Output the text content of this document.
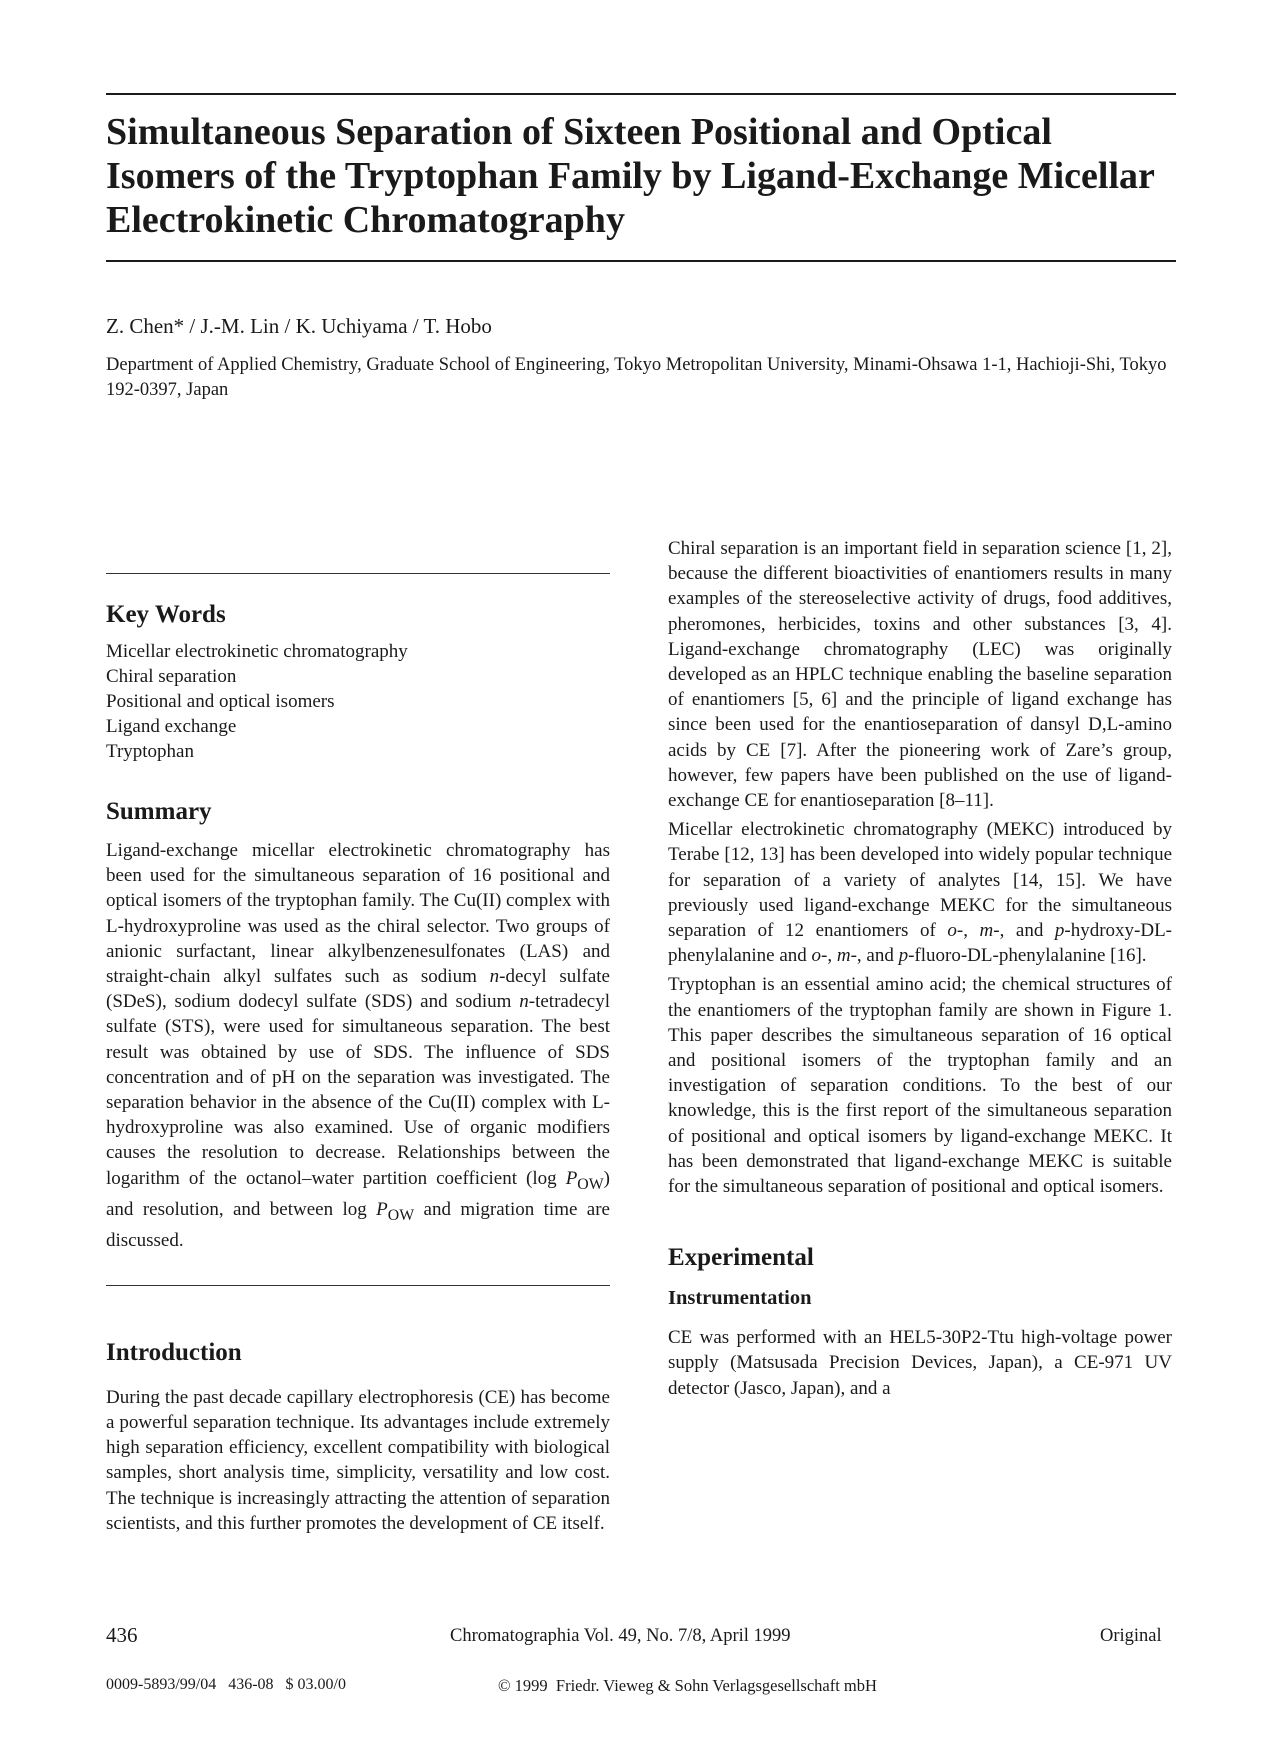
Simultaneous Separation of Sixteen Positional and Optical Isomers of the Tryptophan Family by Ligand-Exchange Micellar Electrokinetic Chromatography
Z. Chen* / J.-M. Lin / K. Uchiyama / T. Hobo
Department of Applied Chemistry, Graduate School of Engineering, Tokyo Metropolitan University, Minami-Ohsawa 1-1, Hachioji-Shi, Tokyo 192-0397, Japan
Key Words
Micellar electrokinetic chromatography
Chiral separation
Positional and optical isomers
Ligand exchange
Tryptophan
Summary

Ligand-exchange micellar electrokinetic chromatography has been used for the simultaneous separation of 16 positional and optical isomers of the tryptophan family. The Cu(II) complex with L-hydroxyproline was used as the chiral selector. Two groups of anionic surfactant, linear alkylbenzenesulfonates (LAS) and straight-chain alkyl sulfates such as sodium n-decyl sulfate (SDeS), sodium dodecyl sulfate (SDS) and sodium n-tetradecyl sulfate (STS), were used for simultaneous separation. The best result was obtained by use of SDS. The influence of SDS concentration and of pH on the separation was investigated. The separation behavior in the absence of the Cu(II) complex with L-hydroxyproline was also examined. Use of organic modifiers causes the resolution to decrease. Relationships between the logarithm of the octanol–water partition coefficient (log $P_{OW}$) and resolution, and between $\log P_{OW}$ and migration time are discussed.

Introduction

During the past decade capillary electrophoresis (CE) has become a powerful separation technique. Its advantages include extremely high separation efficiency, excellent compatibility with biological samples, short analysis time, simplicity, versatility and low cost. The technique is increasingly attracting the attention of separation scientists, and this further promotes the development of CE itself.

Chiral separation is an important field in separation science [1, 2], because the different bioactivities of enantiomers results in many examples of the stereoselective activity of drugs, food additives, pheromones, herbicides, toxins and other substances [3, 4]. Ligand-exchange chromatography (LEC) was originally developed as an HPLC technique enabling the baseline separation of enantiomers [5, 6] and the principle of ligand exchange has since been used for the enantioseparation of dansyl D,L-amino acids by CE [7]. After the pioneering work of Zare’s group, however, few papers have been published on the use of ligand-exchange CE for enantioseparation [8–11].

Micellar electrokinetic chromatography (MEKC) introduced by Terabe [12, 13] has been developed into widely popular technique for separation of a variety of analytes [14, 15]. We have previously used ligand-exchange MEKC for the simultaneous separation of 12 enantiomers of o-, m-, and p-hydroxy-DL-phenylalanine and o-, m-, and p-fluoro-DL-phenylalanine [16].

Tryptophan is an essential amino acid; the chemical structures of the enantiomers of the tryptophan family are shown in Figure 1. This paper describes the simultaneous separation of 16 optical and positional isomers of the tryptophan family and an investigation of separation conditions. To the best of our knowledge, this is the first report of the simultaneous separation of positional and optical isomers by ligand-exchange MEKC. It has been demonstrated that ligand-exchange MEKC is suitable for the simultaneous separation of positional and optical isomers.

Experimental
Instrumentation

CE was performed with an HEL5-30P2-Ttu high-voltage power supply (Matsusada Precision Devices, Japan), a CE-971 UV detector (Jasco, Japan), and a

436	Chromatographia Vol. 49, No. 7/8, April 1999	Original
0009-5893/99/04   436-08   $ 03.00/0	© 1999  Friedr. Vieweg & Sohn Verlagsgesellschaft mbH
